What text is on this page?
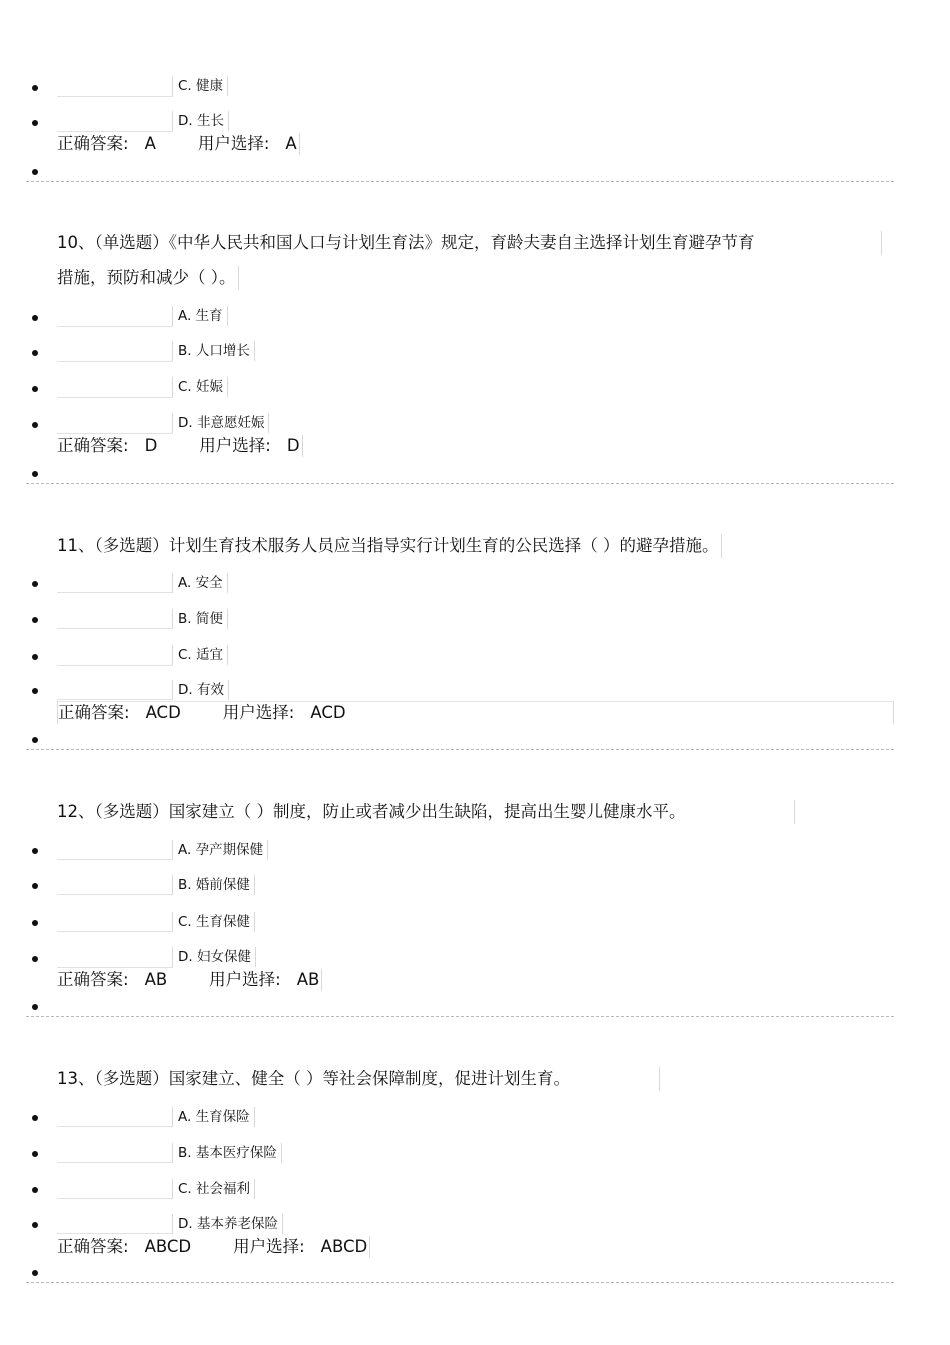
C. 健康
D. 生长
正确答案: A	用户选择: A
10、（单选题）《中华人民共和国人口与计划生育法》规定，育龄夫妻自主选择计划生育避孕节育
措施，预防和减少（ ）。
A. 生育
B. 人口增长
C. 妊娠
D. 非意愿妊娠
正确答案: D	用户选择: D
11、（多选题）计划生育技术服务人员应当指导实行计划生育的公民选择（ ）的避孕措施。
A. 安全
B. 简便
C. 适宜
D. 有效
正确答案: ACD	用户选择: ACD
12、（多选题）国家建立（ ）制度，防止或者减少出生缺陷，提高出生婴儿健康水平。
A. 孕产期保健
B. 婚前保健
C. 生育保健
D. 妇女保健
正确答案: AB	用户选择: AB
13、（多选题）国家建立、健全（ ）等社会保障制度，促进计划生育。
A. 生育保险
B. 基本医疗保险
C. 社会福利
D. 基本养老保险
正确答案: ABCD	用户选择: ABCD
